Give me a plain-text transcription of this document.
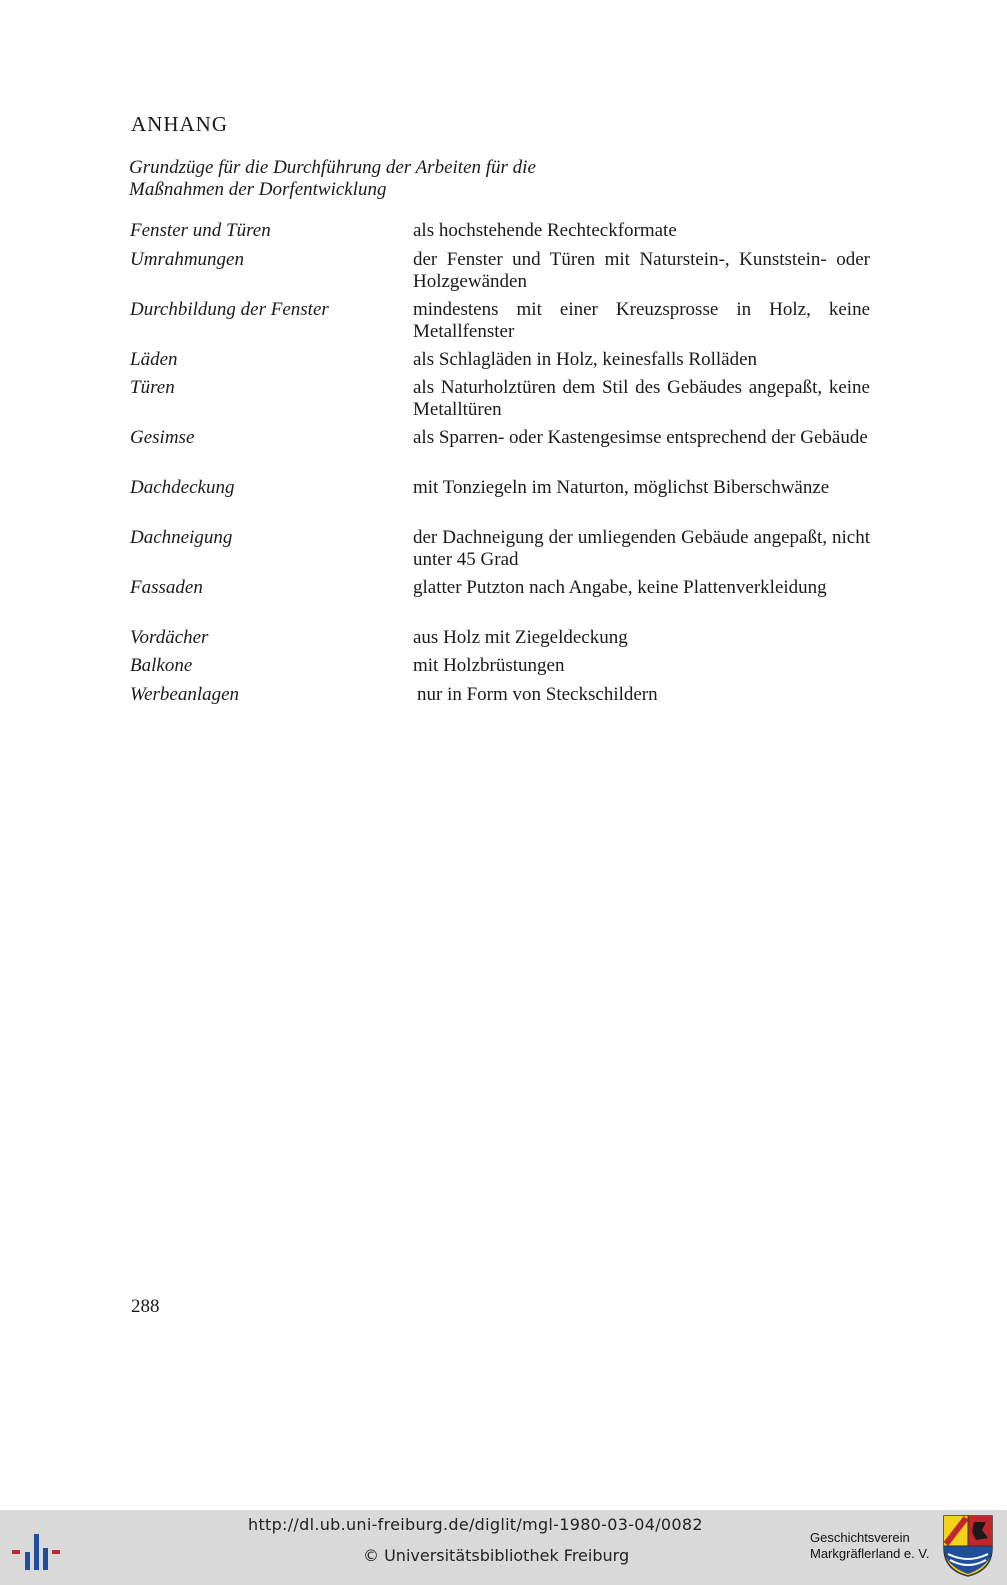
ANHANG
Grundzüge für die Durchführung der Arbeiten für die
Maßnahmen der Dorfentwicklung
Fenster und Türen	als hochstehende Rechteckformate
Umrahmungen	der Fenster und Türen mit Naturstein-, Kunststein- oder Holzgewänden
Durchbildung der Fenster	mindestens mit einer Kreuzsprosse in Holz, keine Metallfenster
Läden	als Schlagläden in Holz, keinesfalls Rolläden
Türen	als Naturholztüren dem Stil des Gebäudes angepaßt, keine Metalltüren
Gesimse	als Sparren- oder Kastengesimse entsprechend der Gebäude
Dachdeckung	mit Tonziegeln im Naturton, möglichst Biberschwänze
Dachneigung	der Dachneigung der umliegenden Gebäude angepaßt, nicht unter 45 Grad
Fassaden	glatter Putzton nach Angabe, keine Plattenverkleidung
Vordächer	aus Holz mit Ziegeldeckung
Balkone	mit Holzbrüstungen
Werbeanlagen	nur in Form von Steckschildern
288
http://dl.ub.uni-freiburg.de/diglit/mgl-1980-03-04/0082
© Universitätsbibliothek Freiburg
Geschichtsverein
Markgräflerland e. V.
